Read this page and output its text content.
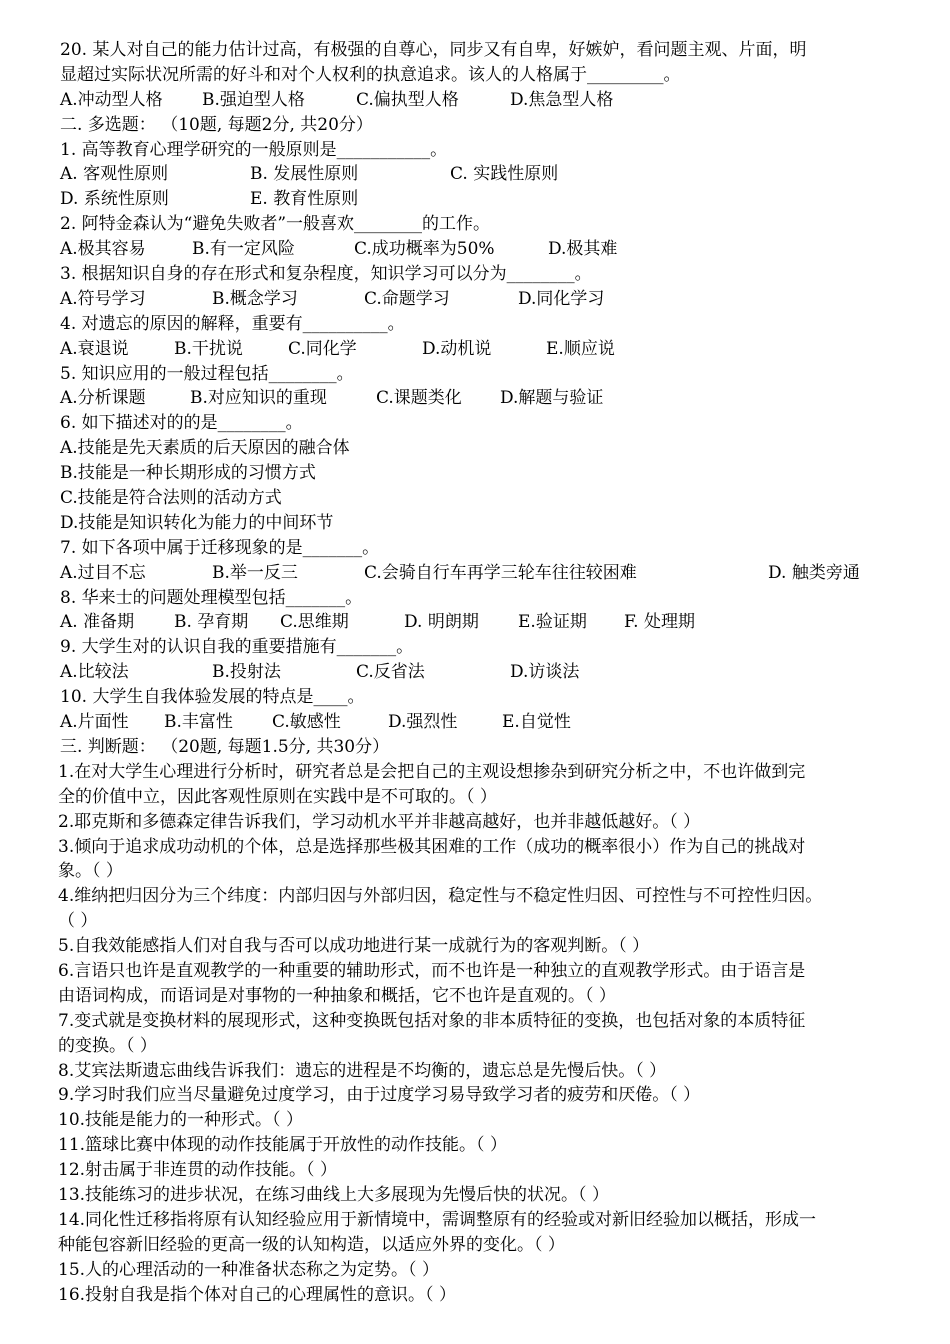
20. 某人对自己的能力估计过高，有极强的自尊心，同步又有自卑，好嫉妒，看问题主观、片面，明
显超过实际状况所需的好斗和对个人权利的执意追求。该人的人格属于_________。
A.冲动型人格 B.强迫型人格	C.偏执型人格	D.焦急型人格
二. 多选题： （10题, 每题2分, 共20分）
1. 高等教育心理学研究的一般原则是___________。
A. 客观性原则	B. 发展性原则	C. 实践性原则
D. 系统性原则	E. 教育性原则
2. 阿特金森认为“避免失败者”一般喜欢________的工作。
A.极其容易	B.有一定风险	C.成功概率为50%	D.极其难
3. 根据知识自身的存在形式和复杂程度，知识学习可以分为________。
A.符号学习	B.概念学习	C.命题学习	D.同化学习
4. 对遗忘的原因的解释，重要有__________。
A.衰退说	B.干扰说	C.同化学	D.动机说	E.顺应说
5. 知识应用的一般过程包括________。
A.分析课题	B.对应知识的重现	C.课题类化 D.解题与验证
6. 如下描述对的的是________。
A.技能是先天素质的后天原因的融合体
B.技能是一种长期形成的习惯方式
C.技能是符合法则的活动方式
D.技能是知识转化为能力的中间环节
7. 如下各项中属于迁移现象的是_______。
A.过目不忘	B.举一反三	C.会骑自行车再学三轮车往往较困难	D. 触类旁通
8. 华来士的问题处理模型包括_______。
A. 准备期 B. 孕育期 C.思维期	D. 明朗期 E.验证期 F. 处理期
9. 大学生对的认识自我的重要措施有_______。
A.比较法	B.投射法	C.反省法	D.访谈法
10. 大学生自我体验发展的特点是____。
A.片面性 B.丰富性 C.敏感性	D.强烈性	E.自觉性
三. 判断题： （20题, 每题1.5分, 共30分）
1.在对大学生心理进行分析时，研究者总是会把自己的主观设想掺杂到研究分析之中，不也许做到完
全的价值中立，因此客观性原则在实践中是不可取的。（ ）
2.耶克斯和多德森定律告诉我们，学习动机水平并非越高越好，也并非越低越好。（ ）
3.倾向于追求成功动机的个体，总是选择那些极其困难的工作（成功的概率很小）作为自己的挑战对
象。（ ）
4.维纳把归因分为三个纬度：内部归因与外部归因，稳定性与不稳定性归因、可控性与不可控性归因。
（ ）
5.自我效能感指人们对自我与否可以成功地进行某一成就行为的客观判断。（ ）
6.言语只也许是直观教学的一种重要的辅助形式，而不也许是一种独立的直观教学形式。由于语言是
由语词构成，而语词是对事物的一种抽象和概括，它不也许是直观的。（ ）
7.变式就是变换材料的展现形式，这种变换既包括对象的非本质特征的变换，也包括对象的本质特征
的变换。（ ）
8.艾宾法斯遗忘曲线告诉我们：遗忘的进程是不均衡的，遗忘总是先慢后快。（ ）
9.学习时我们应当尽量避免过度学习，由于过度学习易导致学习者的疲劳和厌倦。（ ）
10.技能是能力的一种形式。（ ）
11.篮球比赛中体现的动作技能属于开放性的动作技能。（ ）
12.射击属于非连贯的动作技能。（ ）
13.技能练习的进步状况，在练习曲线上大多展现为先慢后快的状况。（ ）
14.同化性迁移指将原有认知经验应用于新情境中，需调整原有的经验或对新旧经验加以概括，形成一
种能包容新旧经验的更高一级的认知构造，以适应外界的变化。（ ）
15.人的心理活动的一种准备状态称之为定势。（ ）
16.投射自我是指个体对自己的心理属性的意识。（ ）
